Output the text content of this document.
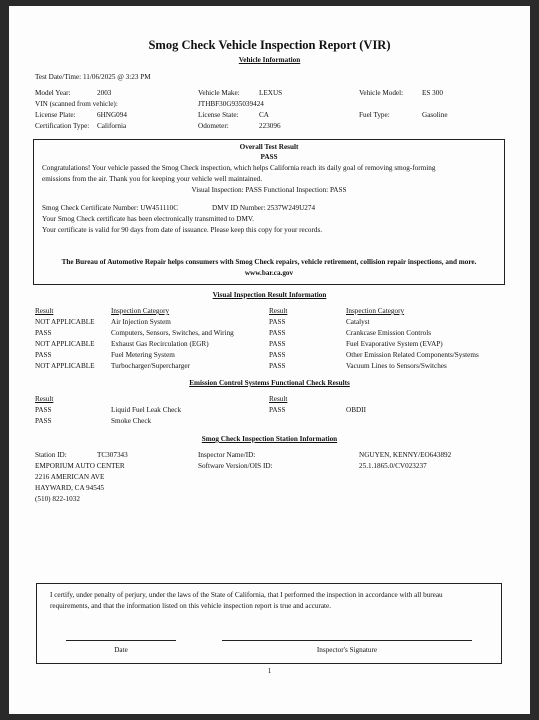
Smog Check Vehicle Inspection Report (VIR)
Vehicle Information
Test Date/Time: 11/06/2025 @ 3:23 PM
Model Year:	2003	Vehicle Make:	LEXUS	Vehicle Model:	ES 300
VIN (scanned from vehicle):	JTHBF30G935039424
License Plate:	6HNG094	License State:	CA	Fuel Type:	Gasoline
Certification Type: California	Odometer:	223096
Overall Test Result
PASS
Congratulations! Your vehicle passed the Smog Check inspection, which helps California reach its daily goal of removing smog-forming
emissions from the air. Thank you for keeping your vehicle well maintained.
Visual Inspection: PASS Functional Inspection: PASS
Smog Check Certificate Number: UW451110C	DMV ID Number: 2537W249U274
Your Smog Check certificate has been electronically transmitted to DMV.
Your certificate is valid for 90 days from date of issuance. Please keep this copy for your records.
The Bureau of Automotive Repair helps consumers with Smog Check repairs, vehicle retirement, collision repair inspections, and more.
www.bar.ca.gov
Visual Inspection Result Information
Result	Inspection Category	Result	Inspection Category
NOT APPLICABLE Air Injection System	PASS	Catalyst
PASS	Computers, Sensors, Switches, and Wiring	PASS	Crankcase Emission Controls
NOT APPLICABLE Exhaust Gas Recirculation (EGR)	PASS	Fuel Evaporative System (EVAP)
PASS	Fuel Metering System	PASS	Other Emission Related Components/Systems
NOT APPLICABLE Turbocharger/Supercharger	PASS	Vacuum Lines to Sensors/Switches
Emission Control Systems Functional Check Results
Result	Result
PASS	Liquid Fuel Leak Check	PASS	OBDII
PASS	Smoke Check
Smog Check Inspection Station Information
Station ID:	TC307343	Inspector Name/ID:	NGUYEN, KENNY/EO643892
EMPORIUM AUTO CENTER	Software Version/OIS ID:	25.1.1865.0/CV023237
2216 AMERICAN AVE
HAYWARD, CA 94545
(510) 822-1032
I certify, under penalty of perjury, under the laws of the State of California, that I performed the inspection in accordance with all bureau
requirements, and that the information listed on this vehicle inspection report is true and accurate.
Date	Inspector's Signature
1
